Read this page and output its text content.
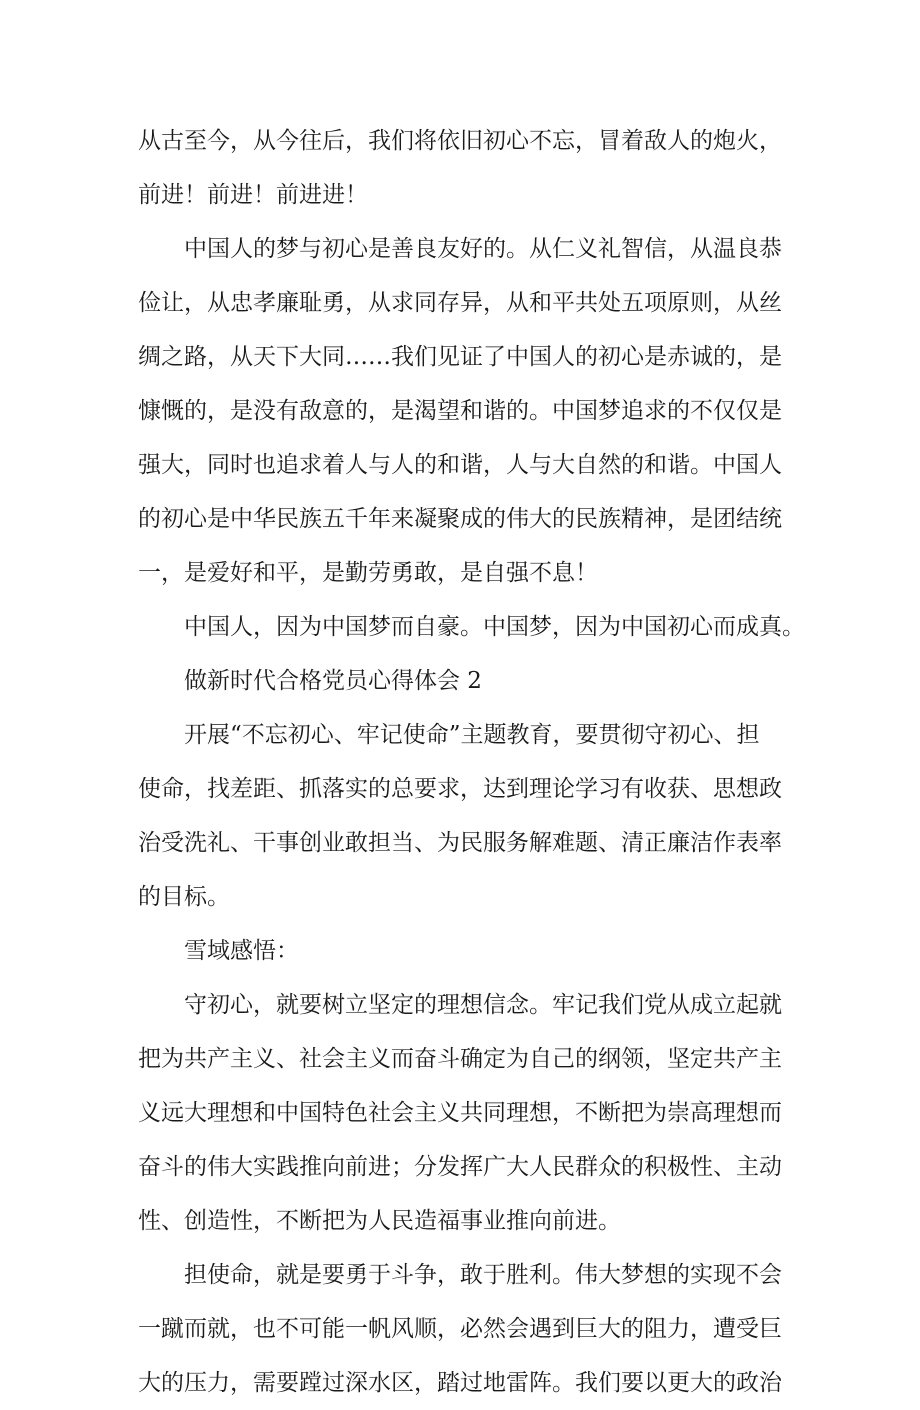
从古至今，从今往后，我们将依旧初心不忘，冒着敌人的炮火，
前进！前进！前进进！
中国人的梦与初心是善良友好的。从仁义礼智信，从温良恭
俭让，从忠孝廉耻勇，从求同存异，从和平共处五项原则，从丝
绸之路，从天下大同……我们见证了中国人的初心是赤诚的，是
慷慨的，是没有敌意的，是渴望和谐的。中国梦追求的不仅仅是
强大，同时也追求着人与人的和谐，人与大自然的和谐。中国人
的初心是中华民族五千年来凝聚成的伟大的民族精神，是团结统
一，是爱好和平，是勤劳勇敢，是自强不息！
中国人，因为中国梦而自豪。中国梦，因为中国初心而成真。
做新时代合格党员心得体会 2
开展“不忘初心、牢记使命”主题教育，要贯彻守初心、担
使命，找差距、抓落实的总要求，达到理论学习有收获、思想政
治受洗礼、干事创业敢担当、为民服务解难题、清正廉洁作表率
的目标。
雪域感悟：
守初心，就要树立坚定的理想信念。牢记我们党从成立起就
把为共产主义、社会主义而奋斗确定为自己的纲领，坚定共产主
义远大理想和中国特色社会主义共同理想，不断把为崇高理想而
奋斗的伟大实践推向前进；分发挥广大人民群众的积极性、主动
性、创造性，不断把为人民造福事业推向前进。
担使命，就是要勇于斗争，敢于胜利。伟大梦想的实现不会
一蹴而就，也不可能一帆风顺，必然会遇到巨大的阻力，遭受巨
大的压力，需要蹚过深水区，踏过地雷阵。我们要以更大的政治
